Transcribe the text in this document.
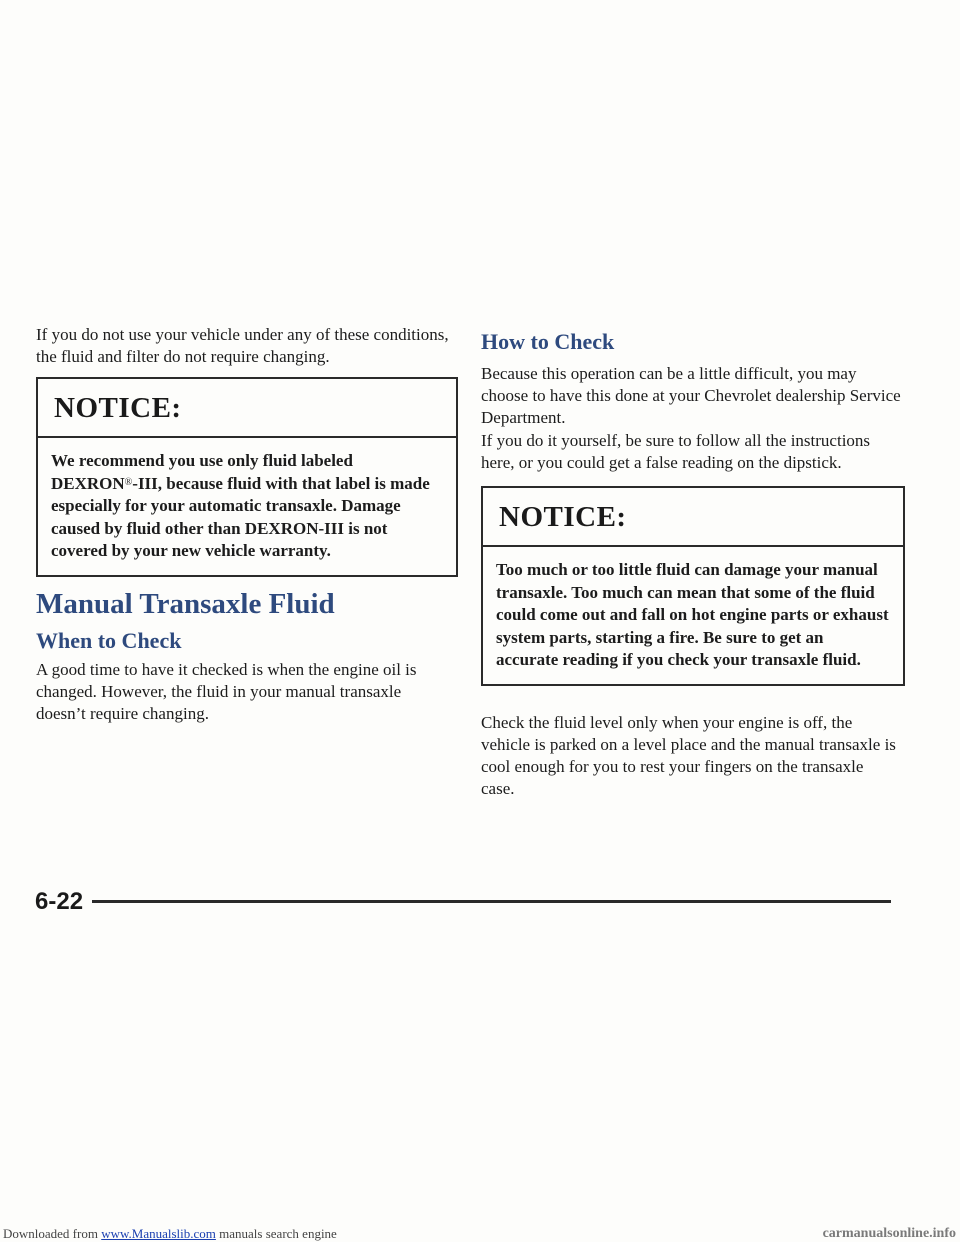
If you do not use your vehicle under any of these conditions, the fluid and filter do not require changing.

NOTICE:
We recommend you use only fluid labeled DEXRON®-III, because fluid with that label is made especially for your automatic transaxle. Damage caused by fluid other than DEXRON-III is not covered by your new vehicle warranty.
Manual Transaxle Fluid
When to Check

A good time to have it checked is when the engine oil is changed. However, the fluid in your manual transaxle doesn’t require changing.

How to Check

Because this operation can be a little difficult, you may choose to have this done at your Chevrolet dealership Service Department.

If you do it yourself, be sure to follow all the instructions here, or you could get a false reading on the dipstick.

NOTICE:
Too much or too little fluid can damage your manual transaxle. Too much can mean that some of the fluid could come out and fall on hot engine parts or exhaust system parts, starting a fire. Be sure to get an accurate reading if you check your transaxle fluid.

Check the fluid level only when your engine is off, the vehicle is parked on a level place and the manual transaxle is cool enough for you to rest your fingers on the transaxle case.

6-22
Downloaded from www.Manualslib.com manuals search engine	carmanualsonline.info
